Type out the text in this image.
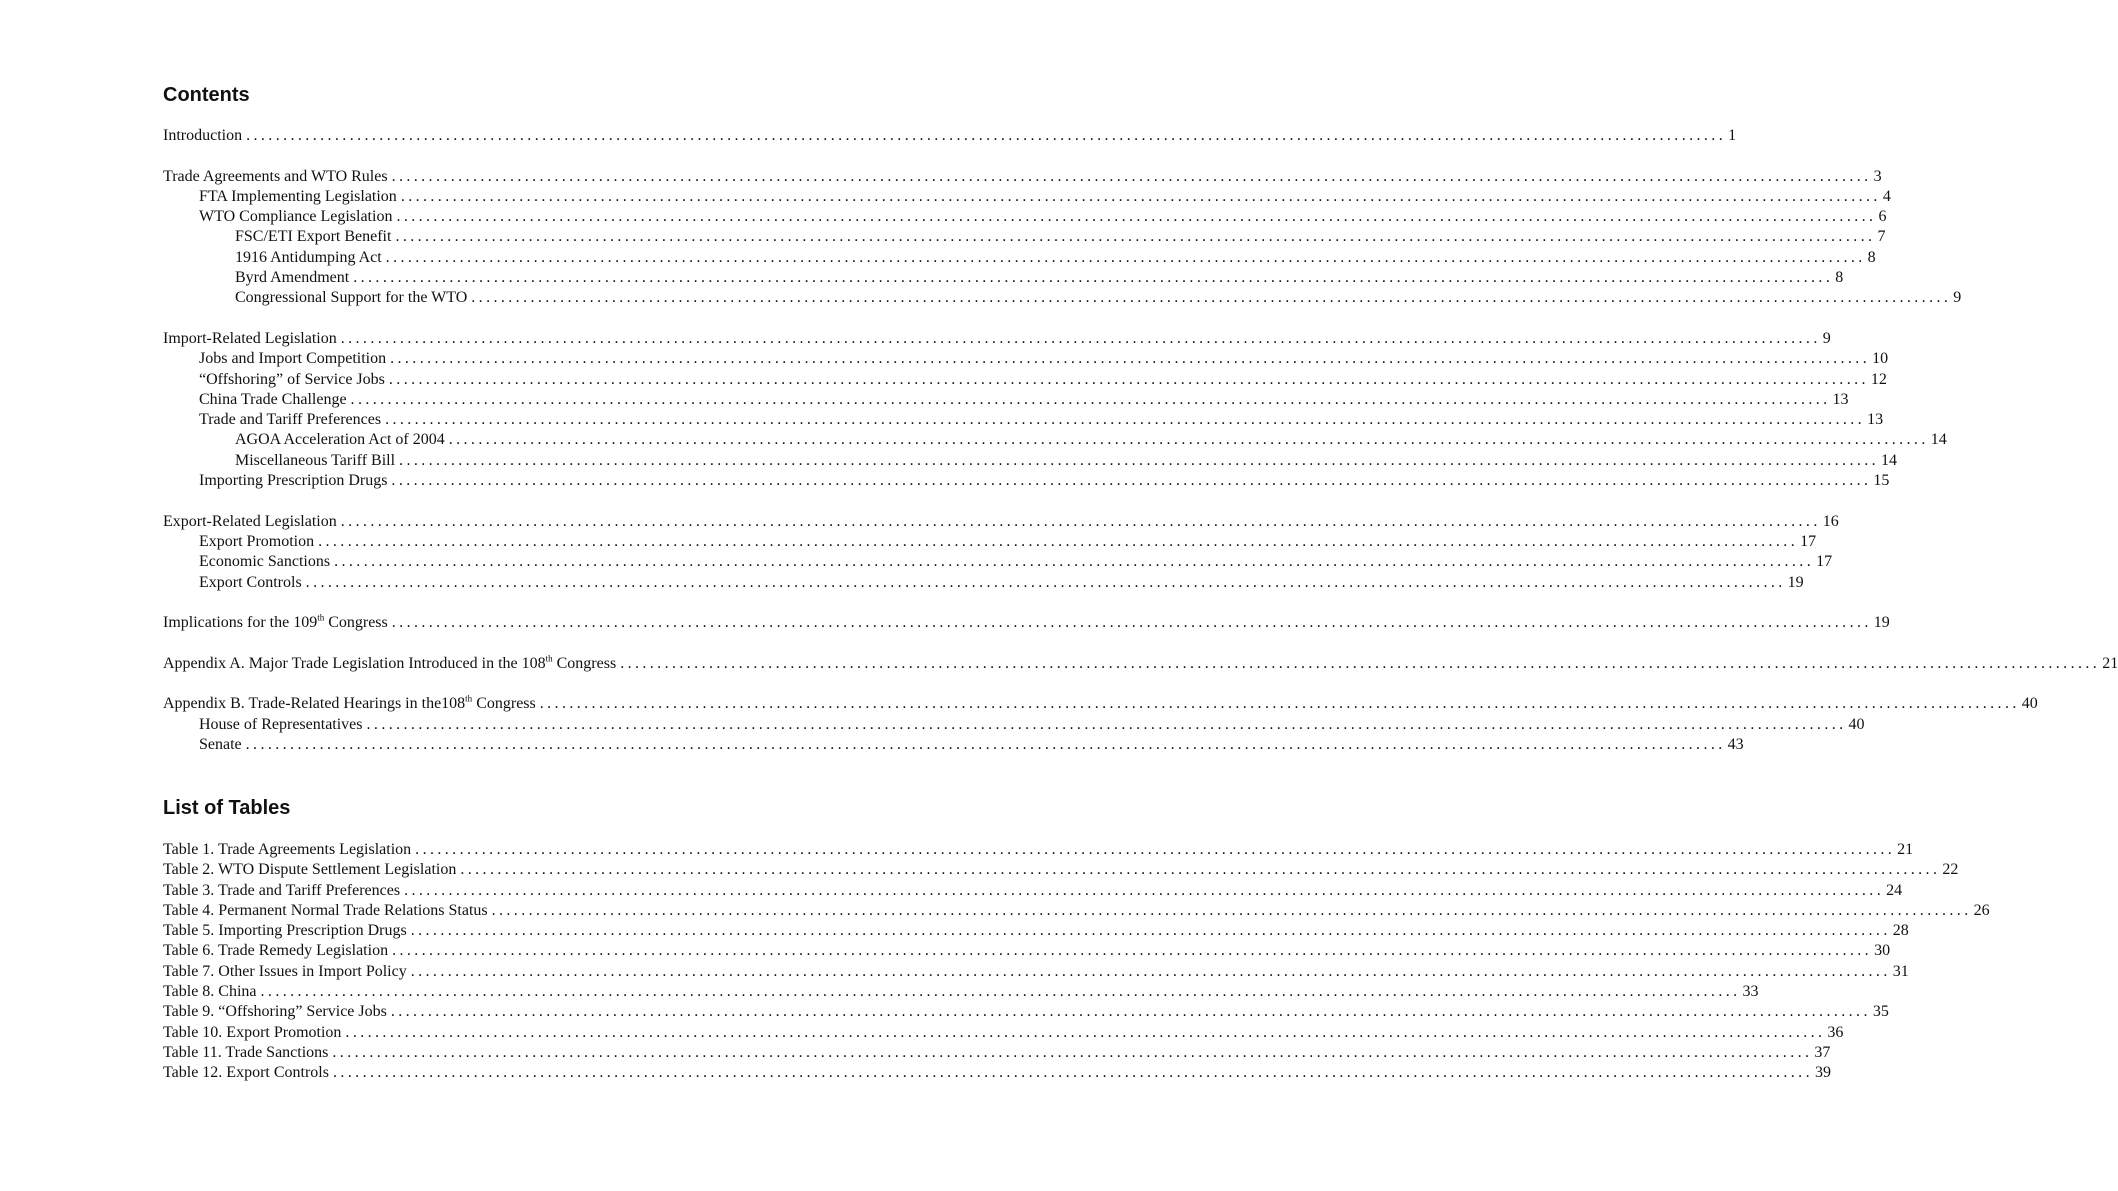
Contents
Introduction ........................................................................................................................................................................................................ 1
Trade Agreements and WTO Rules ........................................................................................................................................................................................................ 3
FTA Implementing Legislation ........................................................................................................................................................................................................ 4
WTO Compliance Legislation ........................................................................................................................................................................................................ 6
FSC/ETI Export Benefit ........................................................................................................................................................................................................ 7
1916 Antidumping Act ........................................................................................................................................................................................................ 8
Byrd Amendment ........................................................................................................................................................................................................ 8
Congressional Support for the WTO ........................................................................................................................................................................................................ 9
Import-Related Legislation ........................................................................................................................................................................................................ 9
Jobs and Import Competition ........................................................................................................................................................................................................ 10
“Offshoring” of Service Jobs ........................................................................................................................................................................................................ 12
China Trade Challenge ........................................................................................................................................................................................................ 13
Trade and Tariff Preferences ........................................................................................................................................................................................................ 13
AGOA Acceleration Act of 2004 ........................................................................................................................................................................................................ 14
Miscellaneous Tariff Bill ........................................................................................................................................................................................................ 14
Importing Prescription Drugs ........................................................................................................................................................................................................ 15
Export-Related Legislation ........................................................................................................................................................................................................ 16
Export Promotion ........................................................................................................................................................................................................ 17
Economic Sanctions ........................................................................................................................................................................................................ 17
Export Controls ........................................................................................................................................................................................................ 19
Implications for the 109th Congress ........................................................................................................................................................................................................ 19
Appendix A. Major Trade Legislation Introduced in the 108th Congress ........................................................................................................................................................................................................ 21
Appendix B. Trade-Related Hearings in the108th Congress ........................................................................................................................................................................................................ 40
House of Representatives ........................................................................................................................................................................................................ 40
Senate ........................................................................................................................................................................................................ 43
List of Tables
Table 1. Trade Agreements Legislation ........................................................................................................................................................................................................ 21
Table 2. WTO Dispute Settlement Legislation ........................................................................................................................................................................................................ 22
Table 3. Trade and Tariff Preferences ........................................................................................................................................................................................................ 24
Table 4. Permanent Normal Trade Relations Status ........................................................................................................................................................................................................ 26
Table 5. Importing Prescription Drugs ........................................................................................................................................................................................................ 28
Table 6. Trade Remedy Legislation ........................................................................................................................................................................................................ 30
Table 7. Other Issues in Import Policy ........................................................................................................................................................................................................ 31
Table 8. China ........................................................................................................................................................................................................ 33
Table 9. “Offshoring” Service Jobs ........................................................................................................................................................................................................ 35
Table 10. Export Promotion ........................................................................................................................................................................................................ 36
Table 11. Trade Sanctions ........................................................................................................................................................................................................ 37
Table 12. Export Controls ........................................................................................................................................................................................................ 39
